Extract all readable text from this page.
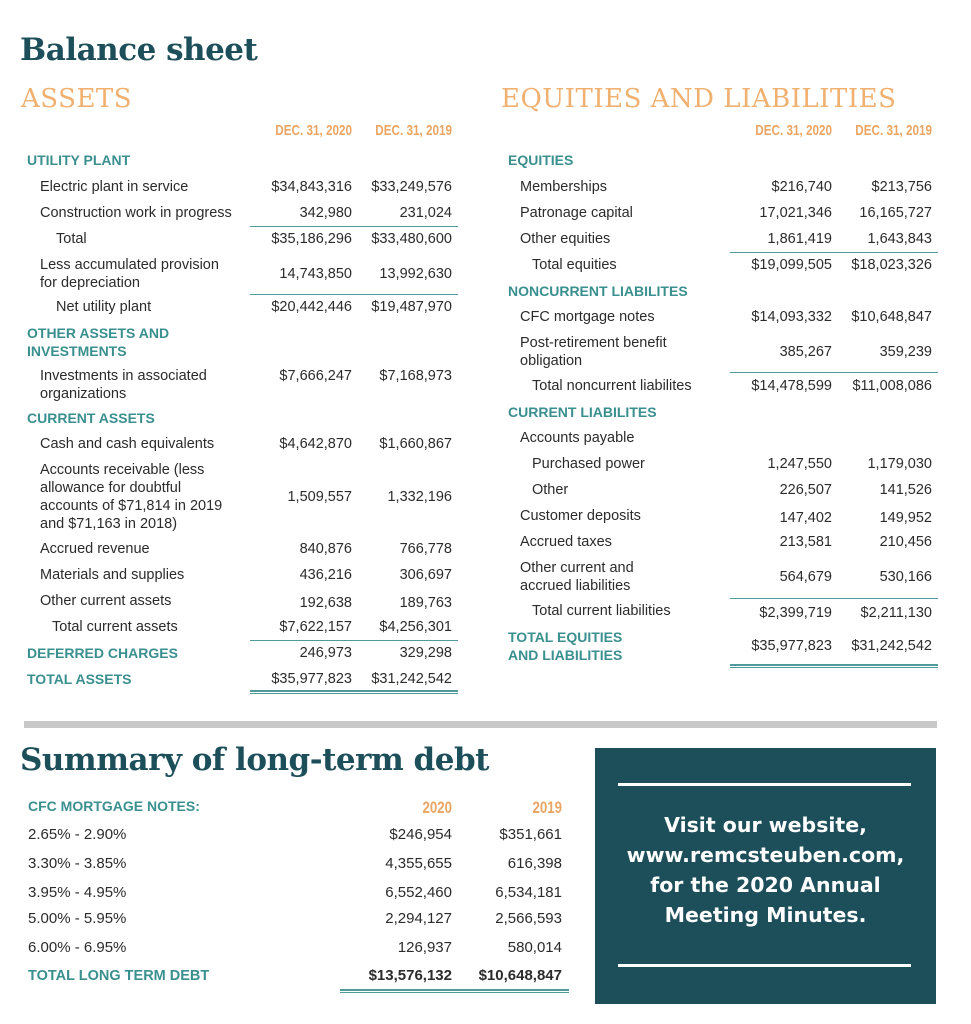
Balance sheet
ASSETS
DEC. 31, 2020	DEC. 31, 2019
UTILITY PLANT
Electric plant in service	$34,843,316	$33,249,576
Construction work in progress	342,980	231,024
Total	$35,186,296	$33,480,600
Less accumulated provision
for depreciation
14,743,850	13,992,630
Net utility plant	$20,442,446	$19,487,970
OTHER ASSETS AND
INVESTMENTS
Investments in associated
organizations
$7,666,247	$7,168,973
CURRENT ASSETS
Cash and cash equivalents	$4,642,870	$1,660,867
Accounts receivable (less
allowance for doubtful
accounts of $71,814 in 2019
and $71,163 in 2018)
1,509,557	1,332,196
Accrued revenue	840,876	766,778
Materials and supplies	436,216	306,697
Other current assets	192,638	189,763
Total current assets	$7,622,157	$4,256,301
DEFERRED CHARGES	246,973	329,298
TOTAL ASSETS	$35,977,823	$31,242,542
EQUITIES AND LIABILITIES
DEC. 31, 2020	DEC. 31, 2019
EQUITIES
Memberships	$216,740	$213,756
Patronage capital	17,021,346	16,165,727
Other equities	1,861,419	1,643,843
Total equities	$19,099,505	$18,023,326
NONCURRENT LIABILITES
CFC mortgage notes	$14,093,332	$10,648,847
Post-retirement benefit
obligation
385,267	359,239
Total noncurrent liabilites	$14,478,599	$11,008,086
CURRENT LIABILITES
Accounts payable
Purchased power	1,247,550	1,179,030
Other	226,507	141,526
Customer deposits	147,402	149,952
Accrued taxes	213,581	210,456
Other current and
accrued liabilities
564,679	530,166
Total current liabilities	$2,399,719	$2,211,130
TOTAL EQUITIES
AND LIABILITIES
$35,977,823	$31,242,542
Summary of long-term debt
CFC MORTGAGE NOTES:	2020	2019
2.65% - 2.90%	$246,954	$351,661
3.30% - 3.85%	4,355,655	616,398
3.95% - 4.95%	6,552,460	6,534,181
5.00% - 5.95%	2,294,127	2,566,593
6.00% - 6.95%	126,937	580,014
TOTAL LONG TERM DEBT	$13,576,132	$10,648,847
Visit our website,
www.remcsteuben.com,
for the 2020 Annual
Meeting Minutes.
